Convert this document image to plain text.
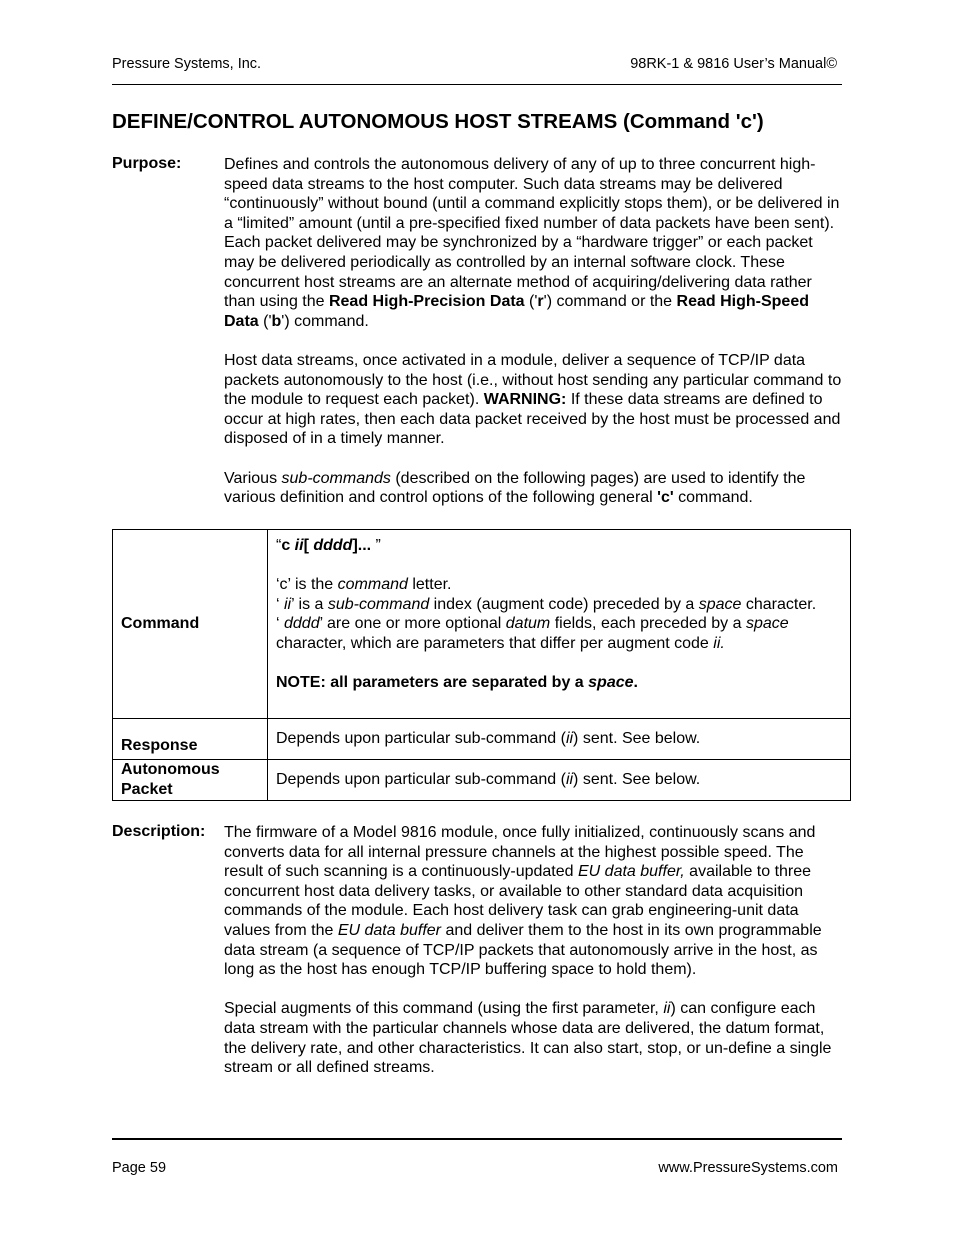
Pressure Systems, Inc.	98RK-1 & 9816 User’s Manual©
DEFINE/CONTROL AUTONOMOUS HOST STREAMS (Command 'c')
Purpose:	Defines and controls the autonomous delivery of any of up to three concurrent high-speed data streams to the host computer. Such data streams may be delivered “continuously” without bound (until a command explicitly stops them), or be delivered in a “limited” amount (until a pre-specified fixed number of data packets have been sent). Each packet delivered may be synchronized by a “hardware trigger” or each packet may be delivered periodically as controlled by an internal software clock. These concurrent host streams are an alternate method of acquiring/delivering data rather than using the Read High-Precision Data ('r') command or the Read High-Speed Data ('b') command.

Host data streams, once activated in a module, deliver a sequence of TCP/IP data packets autonomously to the host (i.e., without host sending any particular command to the module to request each packet). WARNING: If these data streams are defined to occur at high rates, then each data packet received by the host must be processed and disposed of in a timely manner.

Various sub-commands (described on the following pages) are used to identify the various definition and control options of the following general 'c' command.

Command	“c ii[ dddd]... ”

‘c’ is the command letter.

‘ ii’ is a sub-command index (augment code) preceded by a space character.

‘ dddd’ are one or more optional datum fields, each preceded by a space character, which are parameters that differ per augment code ii.

NOTE: all parameters are separated by a space.

Response	Depends upon particular sub-command (ii) sent. See below.
Autonomous
Packet	Depends upon particular sub-command (ii) sent. See below.
Description: The firmware of a Model 9816 module, once fully initialized, continuously scans and converts data for all internal pressure channels at the highest possible speed. The result of such scanning is a continuously-updated EU data buffer, available to three concurrent host data delivery tasks, or available to other standard data acquisition commands of the module. Each host delivery task can grab engineering-unit data values from the EU data buffer and deliver them to the host in its own programmable data stream (a sequence of TCP/IP packets that autonomously arrive in the host, as long as the host has enough TCP/IP buffering space to hold them).

Special augments of this command (using the first parameter, ii) can configure each data stream with the particular channels whose data are delivered, the datum format, the delivery rate, and other characteristics. It can also start, stop, or un-define a single stream or all defined streams.

Page 59	www.PressureSystems.com
